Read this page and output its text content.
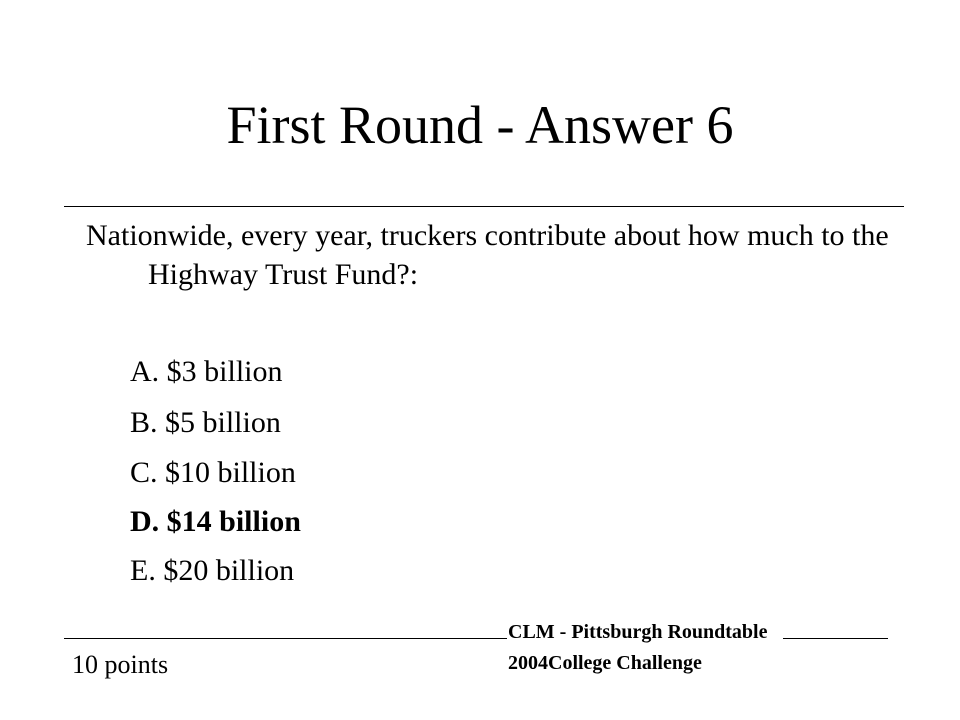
First Round - Answer 6
Nationwide, every year, truckers contribute about how much to the Highway Trust Fund?:
A. $3 billion
B. $5 billion
C. $10 billion
D. $14 billion
E. $20 billion
10 points
CLM - Pittsburgh Roundtable
2004College Challenge
